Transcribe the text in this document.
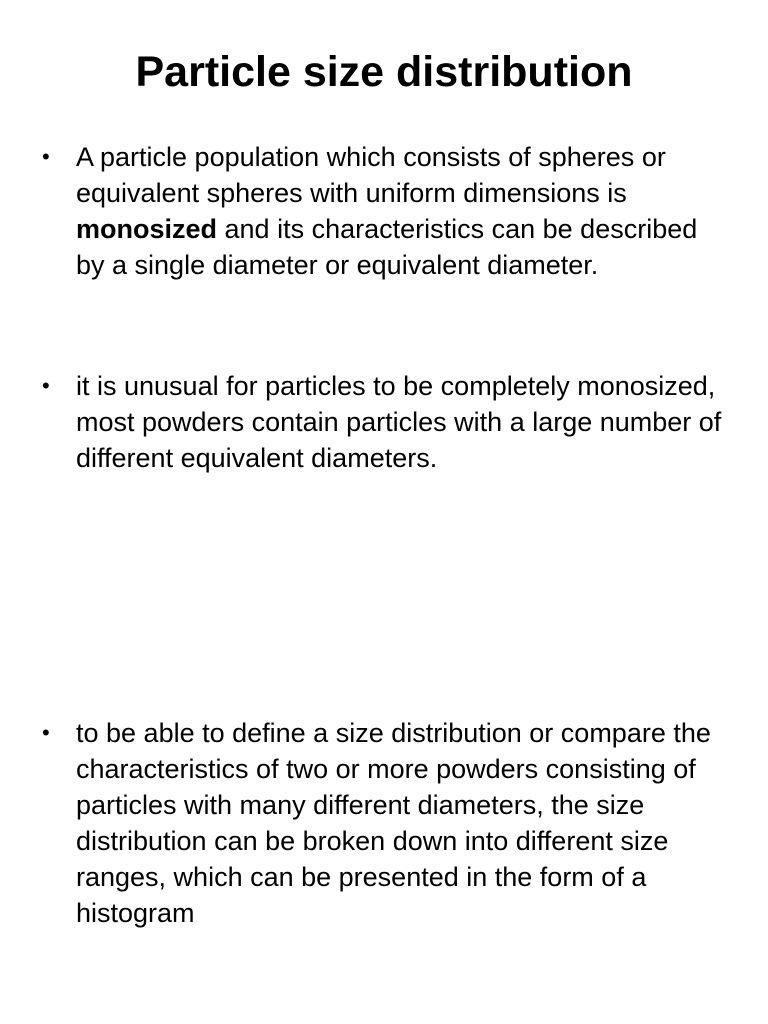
Particle size distribution
• A particle population which consists of spheres or equivalent spheres with uniform dimensions is monosized and its characteristics can be described by a single diameter or equivalent diameter.
• it is unusual for particles to be completely monosized, most powders contain particles with a large number of different equivalent diameters.
• to be able to define a size distribution or compare the characteristics of two or more powders consisting of particles with many different diameters, the size distribution can be broken down into different size ranges, which can be presented in the form of a histogram
